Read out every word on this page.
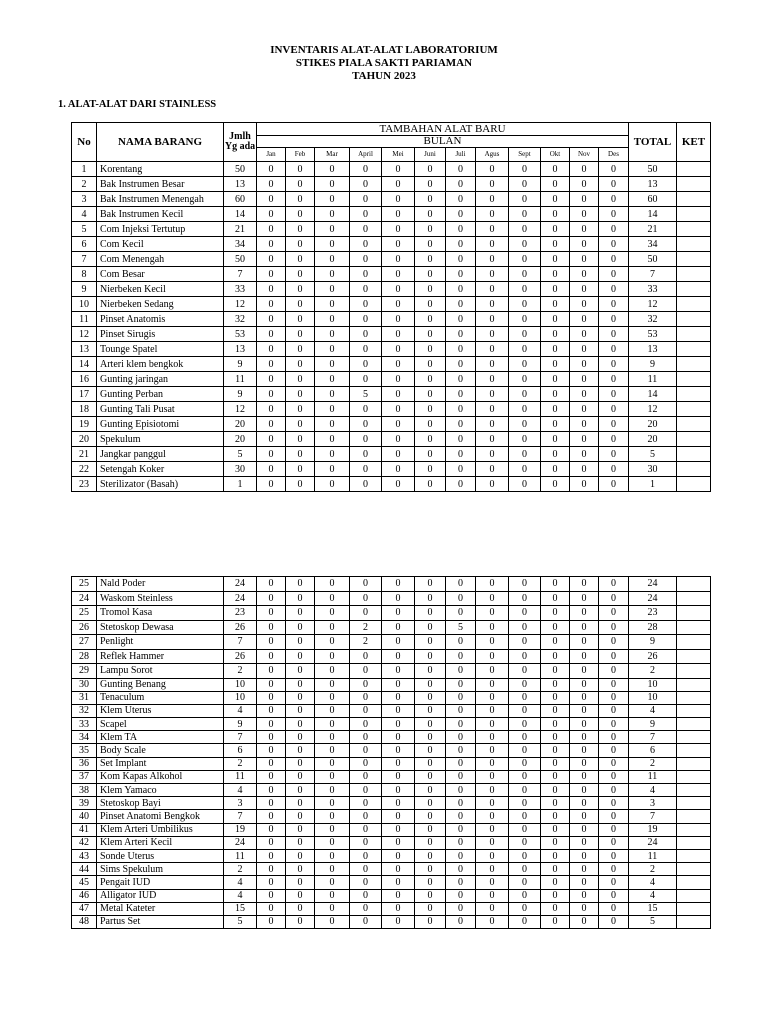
INVENTARIS ALAT-ALAT LABORATORIUM
STIKES PIALA SAKTI PARIAMAN
TAHUN 2023
1. ALAT-ALAT DARI STAINLESS
No	NAMA BARANG	Jmlh Yg ada	TAMBAHAN ALAT BARU												TOTAL	KET
			BULAN													
			Jan	Feb	Mar	April	Mei	Juni	Juli	Agus	Sept	Okt	Nov	Des		
1	Korentang	50	0	0	0	0	0	0	0	0	0	0	0	0	50	
2	Bak Instrumen Besar	13	0	0	0	0	0	0	0	0	0	0	0	0	13	
3	Bak Instrumen Menengah	60	0	0	0	0	0	0	0	0	0	0	0	0	60	
4	Bak Instrumen Kecil	14	0	0	0	0	0	0	0	0	0	0	0	0	14	
5	Com Injeksi Tertutup	21	0	0	0	0	0	0	0	0	0	0	0	0	21	
6	Com Kecil	34	0	0	0	0	0	0	0	0	0	0	0	0	34	
7	Com Menengah	50	0	0	0	0	0	0	0	0	0	0	0	0	50	
8	Com Besar	7	0	0	0	0	0	0	0	0	0	0	0	0	7	
9	Nierbeken Kecil	33	0	0	0	0	0	0	0	0	0	0	0	0	33	
10	Nierbeken Sedang	12	0	0	0	0	0	0	0	0	0	0	0	0	12	
11	Pinset Anatomis	32	0	0	0	0	0	0	0	0	0	0	0	0	32	
12	Pinset Sirugis	53	0	0	0	0	0	0	0	0	0	0	0	0	53	
13	Tounge Spatel	13	0	0	0	0	0	0	0	0	0	0	0	0	13	
14	Arteri klem bengkok	9	0	0	0	0	0	0	0	0	0	0	0	0	9	
16	Gunting jaringan	11	0	0	0	0	0	0	0	0	0	0	0	0	11	
17	Gunting Perban	9	0	0	0	5	0	0	0	0	0	0	0	0	14	
18	Gunting Tali Pusat	12	0	0	0	0	0	0	0	0	0	0	0	0	12	
19	Gunting Episiotomi	20	0	0	0	0	0	0	0	0	0	0	0	0	20	
20	Spekulum	20	0	0	0	0	0	0	0	0	0	0	0	0	20	
21	Jangkar panggul	5	0	0	0	0	0	0	0	0	0	0	0	0	5	
22	Setengah Koker	30	0	0	0	0	0	0	0	0	0	0	0	0	30	
23	Sterilizator (Basah)	1	0	0	0	0	0	0	0	0	0	0	0	0	1	
25	Nald Poder	24	0	0	0	0	0	0	0	0	0	0	0	0	24	
24	Waskom Steinless	24	0	0	0	0	0	0	0	0	0	0	0	0	24	
25	Tromol Kasa	23	0	0	0	0	0	0	0	0	0	0	0	0	23	
26	Stetoskop Dewasa	26	0	0	0	2	0	0	5	0	0	0	0	0	28	
27	Penlight	7	0	0	0	2	0	0	0	0	0	0	0	0	9	
28	Reflek Hammer	26	0	0	0	0	0	0	0	0	0	0	0	0	26	
29	Lampu Sorot	2	0	0	0	0	0	0	0	0	0	0	0	0	2	
30	Gunting Benang	10	0	0	0	0	0	0	0	0	0	0	0	0	10	
31	Tenaculum	10	0	0	0	0	0	0	0	0	0	0	0	0	10	
32	Klem Uterus	4	0	0	0	0	0	0	0	0	0	0	0	0	4	
33	Scapel	9	0	0	0	0	0	0	0	0	0	0	0	0	9	
34	Klem TA	7	0	0	0	0	0	0	0	0	0	0	0	0	7	
35	Body Scale	6	0	0	0	0	0	0	0	0	0	0	0	0	6	
36	Set Implant	2	0	0	0	0	0	0	0	0	0	0	0	0	2	
37	Kom Kapas Alkohol	11	0	0	0	0	0	0	0	0	0	0	0	0	11	
38	Klem Yamaco	4	0	0	0	0	0	0	0	0	0	0	0	0	4	
39	Stetoskop Bayi	3	0	0	0	0	0	0	0	0	0	0	0	0	3	
40	Pinset Anatomi Bengkok	7	0	0	0	0	0	0	0	0	0	0	0	0	7	
41	Klem Arteri Umbilikus	19	0	0	0	0	0	0	0	0	0	0	0	0	19	
42	Klem Arteri Kecil	24	0	0	0	0	0	0	0	0	0	0	0	0	24	
43	Sonde Uterus	11	0	0	0	0	0	0	0	0	0	0	0	0	11	
44	Sims Spekulum	2	0	0	0	0	0	0	0	0	0	0	0	0	2	
45	Pengait IUD	4	0	0	0	0	0	0	0	0	0	0	0	0	4	
46	Alligator IUD	4	0	0	0	0	0	0	0	0	0	0	0	0	4	
47	Metal Kateter	15	0	0	0	0	0	0	0	0	0	0	0	0	15	
48	Partus Set	5	0	0	0	0	0	0	0	0	0	0	0	0	5	
